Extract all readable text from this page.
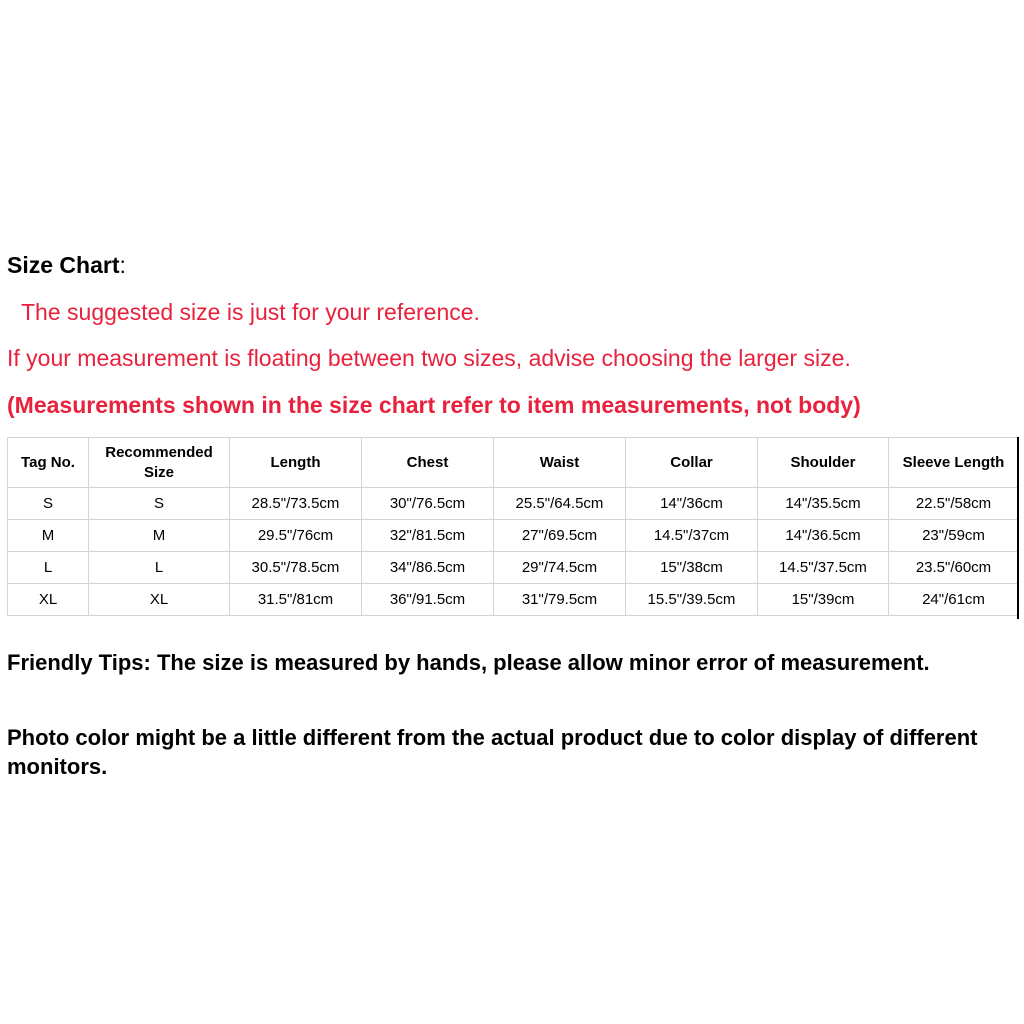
Size Chart:
The suggested size is just for your reference.
If your measurement is floating between two sizes, advise choosing the larger size.
(Measurements shown in the size chart refer to item measurements, not body)
Tag No.	Recommended Size	Length	Chest	Waist	Collar	Shoulder	Sleeve Length
S	S	28.5"/73.5cm	30"/76.5cm	25.5"/64.5cm	14"/36cm	14"/35.5cm	22.5"/58cm
M	M	29.5"/76cm	32"/81.5cm	27"/69.5cm	14.5"/37cm	14"/36.5cm	23"/59cm
L	L	30.5"/78.5cm	34"/86.5cm	29"/74.5cm	15"/38cm	14.5"/37.5cm	23.5"/60cm
XL	XL	31.5"/81cm	36"/91.5cm	31"/79.5cm	15.5"/39.5cm	15"/39cm	24"/61cm
Friendly Tips: The size is measured by hands, please allow minor error of measurement.
Photo color might be a little different from the actual product due to color display of different monitors.
